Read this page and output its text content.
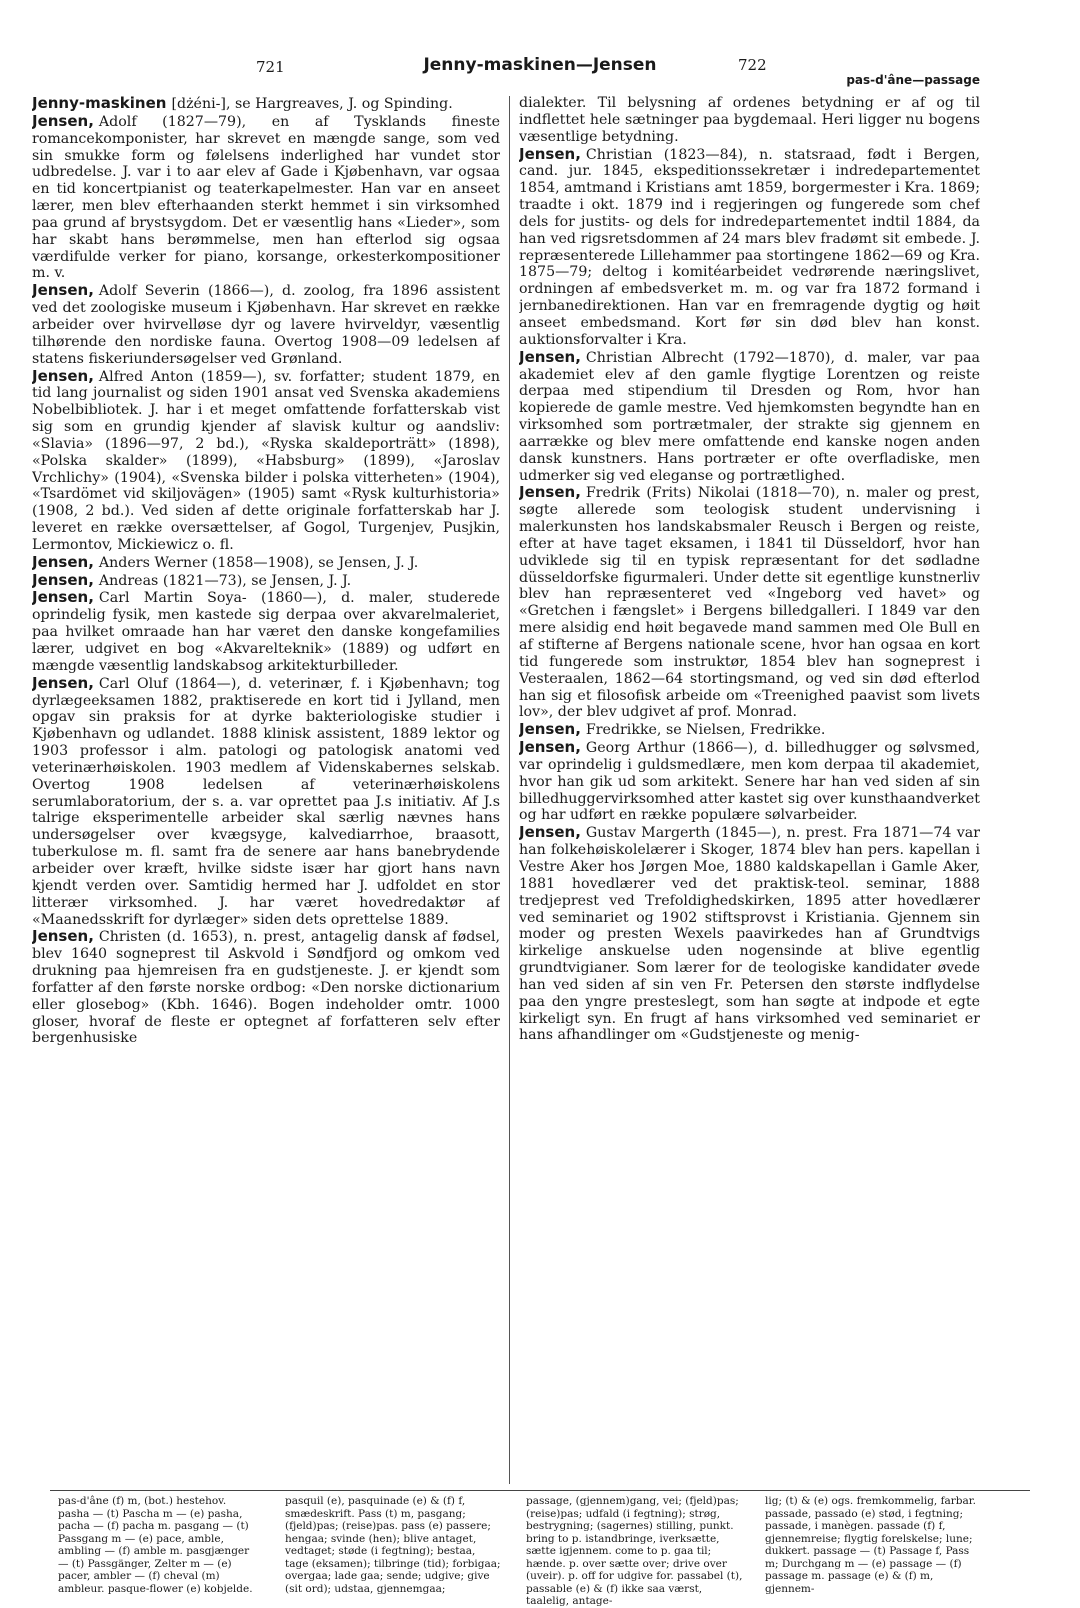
721	Jenny-maskinen—Jensen	722
pas-d'âne—passage

Jenny-maskinen [dżéni-], se Hargreaves, J. og Spinding.

Jensen, Adolf (1827—79), en af Tysklands fineste romancekomponister, har skrevet en mængde sange, som ved sin smukke form og følelsens inderlighed har vundet stor udbredelse. J. var i to aar elev af Gade i Kjøbenhavn, var ogsaa en tid koncertpianist og teaterkapelmester. Han var en anseet lærer, men blev efterhaanden sterkt hemmet i sin virksomhed paa grund af brystsygdom. Det er væsentlig hans «Lieder», som har skabt hans berømmelse, men han efterlod sig ogsaa værdifulde verker for piano, korsange, orkesterkompositioner m. v.

Jensen, Adolf Severin (1866—), d. zoolog, fra 1896 assistent ved det zoologiske museum i Kjøbenhavn. Har skrevet en række arbeider over hvirvelløse dyr og lavere hvirveldyr, væsentlig tilhørende den nordiske fauna. Overtog 1908—09 ledelsen af statens fiskeriundersøgelser ved Grønland.

Jensen, Alfred Anton (1859—), sv. forfatter; student 1879, en tid lang journalist og siden 1901 ansat ved Svenska akademiens Nobelbibliotek. J. har i et meget omfattende forfatterskab vist sig som en grundig kjender af slavisk kultur og aandsliv: «Slavia» (1896—97, 2 bd.), «Ryska skaldeporträtt» (1898), «Polska skalder» (1899), «Habsburg» (1899), «Jaroslav Vrchlichy» (1904), «Svenska bilder i polska vitterheten» (1904), «Tsardömet vid skiljovägen» (1905) samt «Rysk kulturhistoria» (1908, 2 bd.). Ved siden af dette originale forfatterskab har J. leveret en række oversættelser, af Gogol, Turgenjev, Pusjkin, Lermontov, Mickiewicz o. fl.

Jensen, Anders Werner (1858—1908), se Jensen, J. J.

Jensen, Andreas (1821—73), se Jensen, J. J.

Jensen, Carl Martin Soya- (1860—), d. maler, studerede oprindelig fysik, men kastede sig derpaa over akvarelmaleriet, paa hvilket omraade han har været den danske kongefamilies lærer, udgivet en bog «Akvarelteknik» (1889) og udført en mængde væsentlig landskabsog arkitekturbilleder.

Jensen, Carl Oluf (1864—), d. veterinær, f. i Kjøbenhavn; tog dyrlægeeksamen 1882, praktiserede en kort tid i Jylland, men opgav sin praksis for at dyrke bakteriologiske studier i Kjøbenhavn og udlandet. 1888 klinisk assistent, 1889 lektor og 1903 professor i alm. patologi og patologisk anatomi ved veterinærhøiskolen. 1903 medlem af Videnskabernes selskab. Overtog 1908 ledelsen af veterinærhøiskolens serumlaboratorium, der s. a. var oprettet paa J.s initiativ. Af J.s talrige eksperimentelle arbeider skal særlig nævnes hans undersøgelser over kvægsyge, kalvediarrhoe, braasott, tuberkulose m. fl. samt fra de senere aar hans banebrydende arbeider over kræft, hvilke sidste især har gjort hans navn kjendt verden over. Samtidig hermed har J. udfoldet en stor litterær virksomhed. J. har været hovedredaktør af «Maanedsskrift for dyrlæger» siden dets oprettelse 1889.

Jensen, Christen (d. 1653), n. prest, antagelig dansk af fødsel, blev 1640 sogneprest til Askvold i Søndfjord og omkom ved drukning paa hjemreisen fra en gudstjeneste. J. er kjendt som forfatter af den første norske ordbog: «Den norske dictionarium eller glosebog» (Kbh. 1646). Bogen indeholder omtr. 1000 gloser, hvoraf de fleste er optegnet af forfatteren selv efter bergenhusiske

dialekter. Til belysning af ordenes betydning er af og til indflettet hele sætninger paa bygdemaal. Heri ligger nu bogens væsentlige betydning.

Jensen, Christian (1823—84), n. statsraad, født i Bergen, cand. jur. 1845, ekspeditionssekretær i indredepartementet 1854, amtmand i Kristians amt 1859, borgermester i Kra. 1869; traadte i okt. 1879 ind i regjeringen og fungerede som chef dels for justits- og dels for indredepartementet indtil 1884, da han ved rigsretsdommen af 24 mars blev fradømt sit embede. J. repræsenterede Lillehammer paa stortingene 1862—69 og Kra. 1875—79; deltog i komitéarbeidet vedrørende næringslivet, ordningen af embedsverket m. m. og var fra 1872 formand i jernbanedirektionen. Han var en fremragende dygtig og høit anseet embedsmand. Kort før sin død blev han konst. auktionsforvalter i Kra.

Jensen, Christian Albrecht (1792—1870), d. maler, var paa akademiet elev af den gamle flygtige Lorentzen og reiste derpaa med stipendium til Dresden og Rom, hvor han kopierede de gamle mestre. Ved hjemkomsten begyndte han en virksomhed som portrætmaler, der strakte sig gjennem en aarrække og blev mere omfattende end kanske nogen anden dansk kunstners. Hans portræter er ofte overfladiske, men udmerker sig ved eleganse og portrætlighed.

Jensen, Fredrik (Frits) Nikolai (1818—70), n. maler og prest, søgte allerede som teologisk student undervisning i malerkunsten hos landskabsmaler Reusch i Bergen og reiste, efter at have taget eksamen, i 1841 til Düsseldorf, hvor han udviklede sig til en typisk repræsentant for det sødladne düsseldorfske figurmaleri. Under dette sit egentlige kunstnerliv blev han repræsenteret ved «Ingeborg ved havet» og «Gretchen i fængslet» i Bergens billedgalleri. I 1849 var den mere alsidig end høit begavede mand sammen med Ole Bull en af stifterne af Bergens nationale scene, hvor han ogsaa en kort tid fungerede som instruktør, 1854 blev han sogneprest i Vesteraalen, 1862—64 stortingsmand, og ved sin død efterlod han sig et filosofisk arbeide om «Treenighed paavist som livets lov», der blev udgivet af prof. Monrad.

Jensen, Fredrikke, se Nielsen, Fredrikke.

Jensen, Georg Arthur (1866—), d. billedhugger og sølvsmed, var oprindelig i guldsmedlære, men kom derpaa til akademiet, hvor han gik ud som arkitekt. Senere har han ved siden af sin billedhuggervirksomhed atter kastet sig over kunsthaandverket og har udført en række populære sølvarbeider.

Jensen, Gustav Margerth (1845—), n. prest. Fra 1871—74 var han folkehøiskolelærer i Skoger, 1874 blev han pers. kapellan i Vestre Aker hos Jørgen Moe, 1880 kaldskapellan i Gamle Aker, 1881 hovedlærer ved det praktisk-teol. seminar, 1888 tredjeprest ved Trefoldighedskirken, 1895 atter hovedlærer ved seminariet og 1902 stiftsprovst i Kristiania. Gjennem sin moder og presten Wexels paavirkedes han af Grundtvigs kirkelige anskuelse uden nogensinde at blive egentlig grundtvigianer. Som lærer for de teologiske kandidater øvede han ved siden af sin ven Fr. Petersen den største indflydelse paa den yngre presteslegt, som han søgte at indpode et egte kirkeligt syn. En frugt af hans virksomhed ved seminariet er hans afhandlinger om «Gudstjeneste og menig-

pas-d'âne (f) m, (bot.) hestehov. pasha — (t) Pascha m — (e) pasha, pacha — (f) pacha m. pasgang — (t) Passgang m — (e) pace, amble, ambling — (f) amble m. pasgjænger — (t) Passgänger, Zelter m — (e) pacer, ambler — (f) cheval (m) ambleur. pasque-flower (e) kobjelde.
pasquil (e), pasquinade (e) & (f) f, smædeskrift. Pass (t) m, pasgang; (fjeld)pas; (reise)pas. pass (e) passere; hengaa; svinde (hen); blive antaget, vedtaget; støde (i fegtning); bestaa, tage (eksamen); tilbringe (tid); forbigaa; overgaa; lade gaa; sende; udgive; give (sit ord); udstaa, gjennemgaa;
passage, (gjennem)gang, vei; (fjeld)pas; (reise)pas; udfald (i fegtning); strøg, bestrygning; (sagernes) stilling, punkt. bring to p. istandbringe, iverksætte, sætte igjennem. come to p. gaa til; hænde. p. over sætte over; drive over (uveir). p. off for udgive for. passabel (t), passable (e) & (f) ikke saa værst, taalelig, antage-
lig; (t) & (e) ogs. fremkommelig, farbar. passade, passado (e) stød, i fegtning; passade, i manègen. passade (f) f, gjennemreise; flygtig forelskelse; lune; dukkert. passage — (t) Passage f, Pass m; Durchgang m — (e) passage — (f) passage m. passage (e) & (f) m, gjennem-
